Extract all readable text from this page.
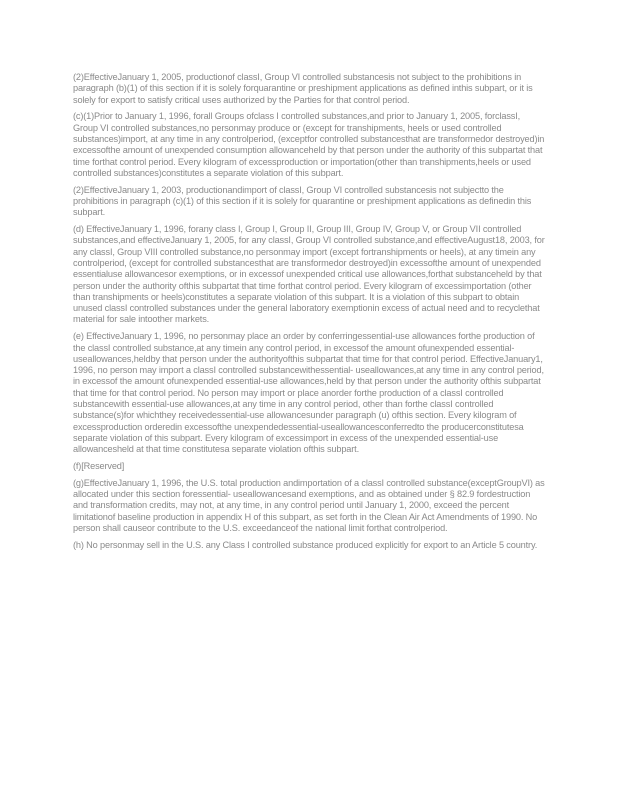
(2)EffectiveJanuary 1, 2005, productionof classI, Group VI controlled substancesis not subject to the prohibitions in paragraph (b)(1) of this section if it is solely forquarantine or preshipment applications as defined inthis subpart, or it is solely for export to satisfy critical uses authorized by the Parties for that control period.

(c)(1)Prior to January 1, 1996, forall Groups ofclass I controlled substances,and prior to January 1, 2005, forclassI, Group VI controlled substances,no personmay produce or (except for transhipments, heels or used controlled substances)import, at any time in any controlperiod, (exceptfor controlled substancesthat are transformedor destroyed)in excessofthe amount of unexpended consumption allowanceheld by that person under the authority of this subpartat that time forthat control period. Every kilogram of excessproduction or importation(other than transhipments,heels or used controlled substances)constitutes a separate violation of this subpart.

(2)EffectiveJanuary 1, 2003, productionandimport of classI, Group VI controlled substancesis not subjectto the prohibitions in paragraph (c)(1) of this section if it is solely for quarantine or preshipment applications as definedin this subpart.

(d) EffectiveJanuary 1, 1996, forany class I, Group I, Group II, Group III, Group IV, Group V, or Group VII controlled substances,and effectiveJanuary 1, 2005, for any classI, Group VI controlled substance,and effectiveAugust18, 2003, for any classI, Group VIII controlled substance,no personmay import (except fortranshipments or heels), at any timein any controlperiod, (except for controlled substancesthat are transformedor destroyed)in excessofthe amount of unexpended essentialuse allowancesor exemptions, or in excessof unexpended critical use allowances,forthat substanceheld by that person under the authority ofthis subpartat that time forthat control period. Every kilogram of excessimportation (other than transhipments or heels)constitutes a separate violation of this subpart. It is a violation of this subpart to obtain unused classI controlled substances under the general laboratory exemptionin excess of actual need and to recyclethat material for sale intoother markets.

(e) EffectiveJanuary 1, 1996, no personmay place an order by conferringessential-use allowances forthe production of the classI controlled substance,at any timein any control period, in excessof the amount ofunexpended essential-useallowances,heldby that person under the authorityofthis subpartat that time for that control period. EffectiveJanuary1, 1996, no person may import a classI controlled substancewithessential- useallowances,at any time in any control period, in excessof the amount ofunexpended essential-use allowances,held by that person under the authority ofthis subpartat that time for that control period. No person may import or place anorder forthe production of a classI controlled substancewith essential-use allowances,at any time in any control period, other than forthe classI controlled substance(s)for whichthey receivedessential-use allowancesunder paragraph (u) ofthis section. Every kilogram of excessproduction orderedin excessofthe unexpendedessential-useallowancesconferredto the producerconstitutesa separate violation of this subpart. Every kilogram of excessimport in excess of the unexpended essential-use allowancesheld at that time constitutesa separate violation ofthis subpart.

(f)[Reserved]

(g)EffectiveJanuary 1, 1996, the U.S. total production andimportation of a classI controlled substance(exceptGroupVI) as allocated under this section foressential- useallowancesand exemptions, and as obtained under § 82.9 fordestruction and transformation credits, may not, at any time, in any control period until January 1, 2000, exceed the percent limitationof baseline production in appendix H of this subpart, as set forth in the Clean Air Act Amendments of 1990. No person shall causeor contribute to the U.S. exceedanceof the national limit forthat controlperiod.

(h) No personmay sell in the U.S. any Class I controlled substance produced explicitly for export to an Article 5 country.
